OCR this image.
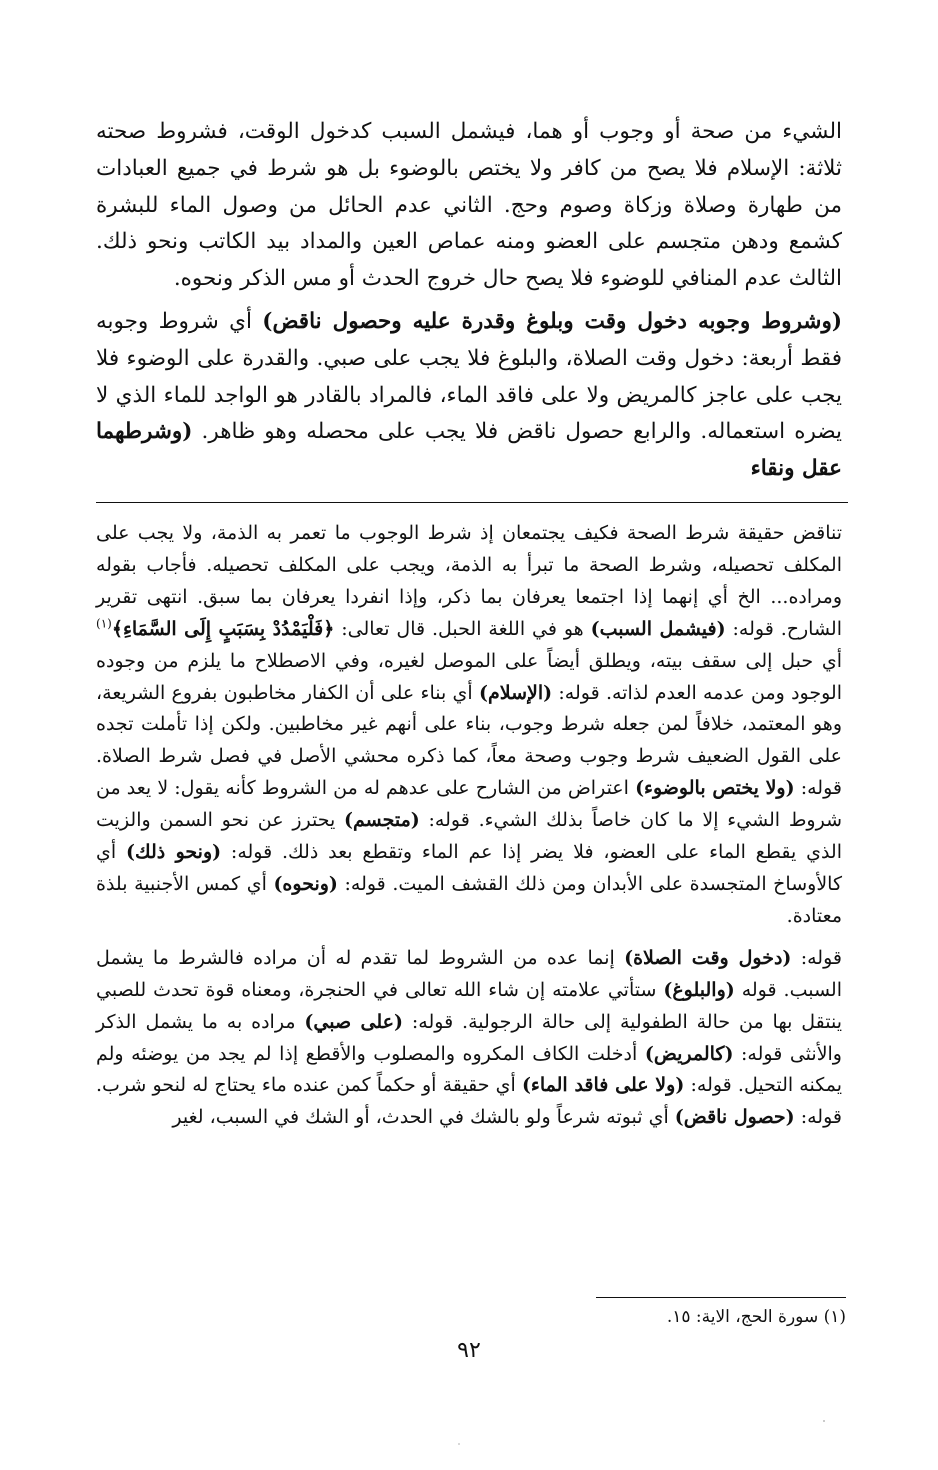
الشيء من صحة أو وجوب أو هما، فيشمل السبب كدخول الوقت، فشروط صحته ثلاثة: الإسلام فلا يصح من كافر ولا يختص بالوضوء بل هو شرط في جميع العبادات من طهارة وصلاة وزكاة وصوم وحج. الثاني عدم الحائل من وصول الماء للبشرة كشمع ودهن متجسم على العضو ومنه عماص العين والمداد بيد الكاتب ونحو ذلك. الثالث عدم المنافي للوضوء فلا يصح حال خروج الحدث أو مس الذكر ونحوه.

(وشروط وجوبه دخول وقت وبلوغ وقدرة عليه وحصول ناقض) أي شروط وجوبه فقط أربعة: دخول وقت الصلاة، والبلوغ فلا يجب على صبي. والقدرة على الوضوء فلا يجب على عاجز كالمريض ولا على فاقد الماء، فالمراد بالقادر هو الواجد للماء الذي لا يضره استعماله. والرابع حصول ناقض فلا يجب على محصله وهو ظاهر. (وشرطهما عقل ونقاء

تناقض حقيقة شرط الصحة فكيف يجتمعان إذ شرط الوجوب ما تعمر به الذمة، ولا يجب على المكلف تحصيله، وشرط الصحة ما تبرأ به الذمة، ويجب على المكلف تحصيله. فأجاب بقوله ومراده... الخ أي إنهما إذا اجتمعا يعرفان بما ذكر، وإذا انفردا يعرفان بما سبق. انتهى تقرير الشارح. قوله: (فيشمل السبب) هو في اللغة الحبل. قال تعالى: ﴿فَلْيَمْدُدْ بِسَبَبٍ إِلَى السَّمَاءِ﴾$^{(١)}$ أي حبل إلى سقف بيته، ويطلق أيضاً على الموصل لغيره، وفي الاصطلاح ما يلزم من وجوده الوجود ومن عدمه العدم لذاته. قوله: (الإسلام) أي بناء على أن الكفار مخاطبون بفروع الشريعة، وهو المعتمد، خلافاً لمن جعله شرط وجوب، بناء على أنهم غير مخاطبين. ولكن إذا تأملت تجده على القول الضعيف شرط وجوب وصحة معاً، كما ذكره محشي الأصل في فصل شرط الصلاة. قوله: (ولا يختص بالوضوء) اعتراض من الشارح على عدهم له من الشروط كأنه يقول: لا يعد من شروط الشيء إلا ما كان خاصاً بذلك الشيء. قوله: (متجسم) يحترز عن نحو السمن والزيت الذي يقطع الماء على العضو، فلا يضر إذا عم الماء وتقطع بعد ذلك. قوله: (ونحو ذلك) أي كالأوساخ المتجسدة على الأبدان ومن ذلك القشف الميت. قوله: (ونحوه) أي كمس الأجنبية بلذة معتادة.

قوله: (دخول وقت الصلاة) إنما عده من الشروط لما تقدم له أن مراده فالشرط ما يشمل السبب. قوله (والبلوغ) ستأتي علامته إن شاء الله تعالى في الحنجرة، ومعناه قوة تحدث للصبي ينتقل بها من حالة الطفولية إلى حالة الرجولية. قوله: (على صبي) مراده به ما يشمل الذكر والأنثى قوله: (كالمريض) أدخلت الكاف المكروه والمصلوب والأقطع إذا لم يجد من يوضئه ولم يمكنه التحيل. قوله: (ولا على فاقد الماء) أي حقيقة أو حكماً كمن عنده ماء يحتاج له لنحو شرب. قوله: (حصول ناقض) أي ثبوته شرعاً ولو بالشك في الحدث، أو الشك في السبب، لغير

(١) سورة الحج، الاية: ١٥.
٩٢
